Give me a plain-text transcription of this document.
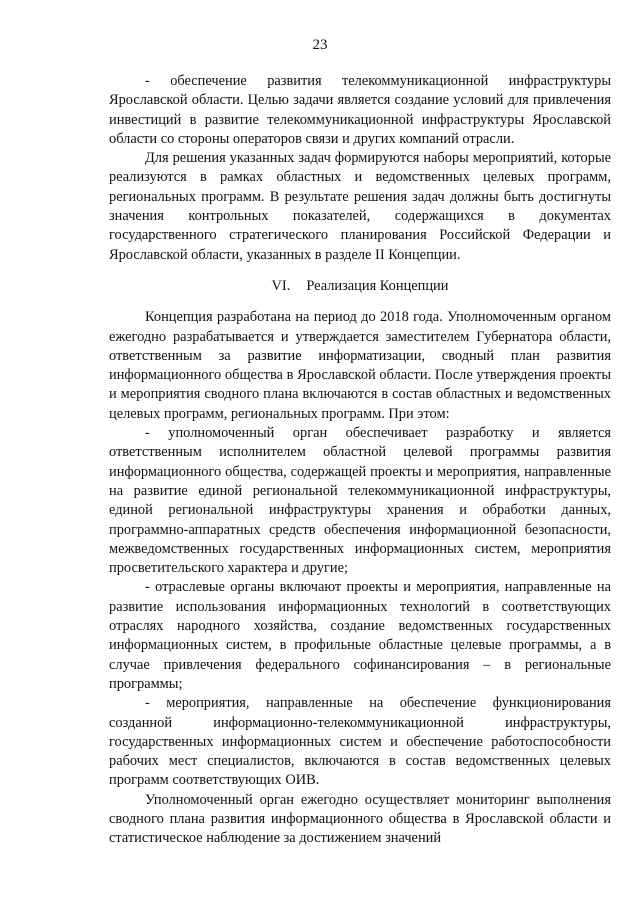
23

- обеспечение развития телекоммуникационной инфраструктуры Ярославской области. Целью задачи является создание условий для привлечения инвестиций в развитие телекоммуникационной инфраструктуры Ярославской области со стороны операторов связи и других компаний отрасли.

Для решения указанных задач формируются наборы мероприятий, которые реализуются в рамках областных и ведомственных целевых программ, региональных программ. В результате решения задач должны быть достигнуты значения контрольных показателей, содержащихся в документах государственного стратегического планирования Российской Федерации и Ярославской области, указанных в разделе II Концепции.

VI. Реализация Концепции

Концепция разработана на период до 2018 года. Уполномоченным органом ежегодно разрабатывается и утверждается заместителем Губернатора области, ответственным за развитие информатизации, сводный план развития информационного общества в Ярославской области. После утверждения проекты и мероприятия сводного плана включаются в состав областных и ведомственных целевых программ, региональных программ. При этом:

- уполномоченный орган обеспечивает разработку и является ответственным исполнителем областной целевой программы развития информационного общества, содержащей проекты и мероприятия, направленные на развитие единой региональной телекоммуникационной инфраструктуры, единой региональной инфраструктуры хранения и обработки данных, программно-аппаратных средств обеспечения информационной безопасности, межведомственных государственных информационных систем, мероприятия просветительского характера и другие;

- отраслевые органы включают проекты и мероприятия, направленные на развитие использования информационных технологий в соответствующих отраслях народного хозяйства, создание ведомственных государственных информационных систем, в профильные областные целевые программы, а в случае привлечения федерального софинансирования – в региональные программы;

- мероприятия, направленные на обеспечение функционирования созданной информационно-телекоммуникационной инфраструктуры, государственных информационных систем и обеспечение работоспособности рабочих мест специалистов, включаются в состав ведомственных целевых программ соответствующих ОИВ.

Уполномоченный орган ежегодно осуществляет мониторинг выполнения сводного плана развития информационного общества в Ярославской области и статистическое наблюдение за достижением значений
